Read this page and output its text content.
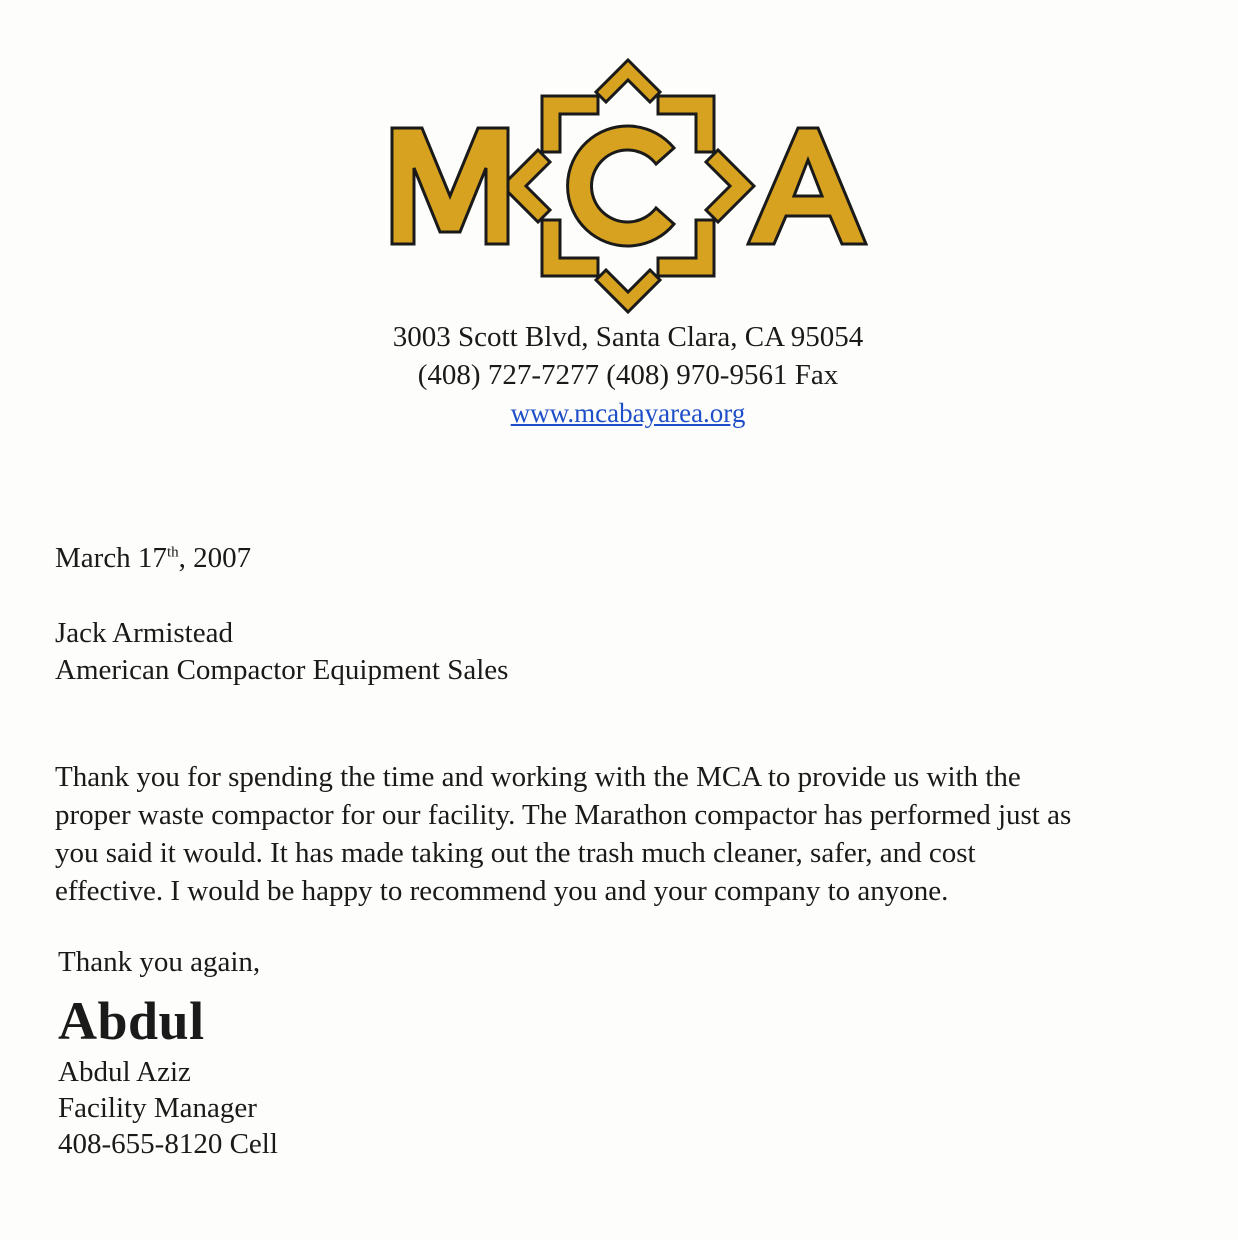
3003 Scott Blvd, Santa Clara, CA 95054
(408) 727-7277 (408) 970-9561 Fax
www.mcabayarea.org
March 17th, 2007
Jack Armistead
American Compactor Equipment Sales
Thank you for spending the time and working with the MCA to provide us with the
proper waste compactor for our facility. The Marathon compactor has performed just as
you said it would. It has made taking out the trash much cleaner, safer, and cost
effective. I would be happy to recommend you and your company to anyone.
Thank you again,
Abdul
Abdul Aziz
Facility Manager
408-655-8120 Cell
